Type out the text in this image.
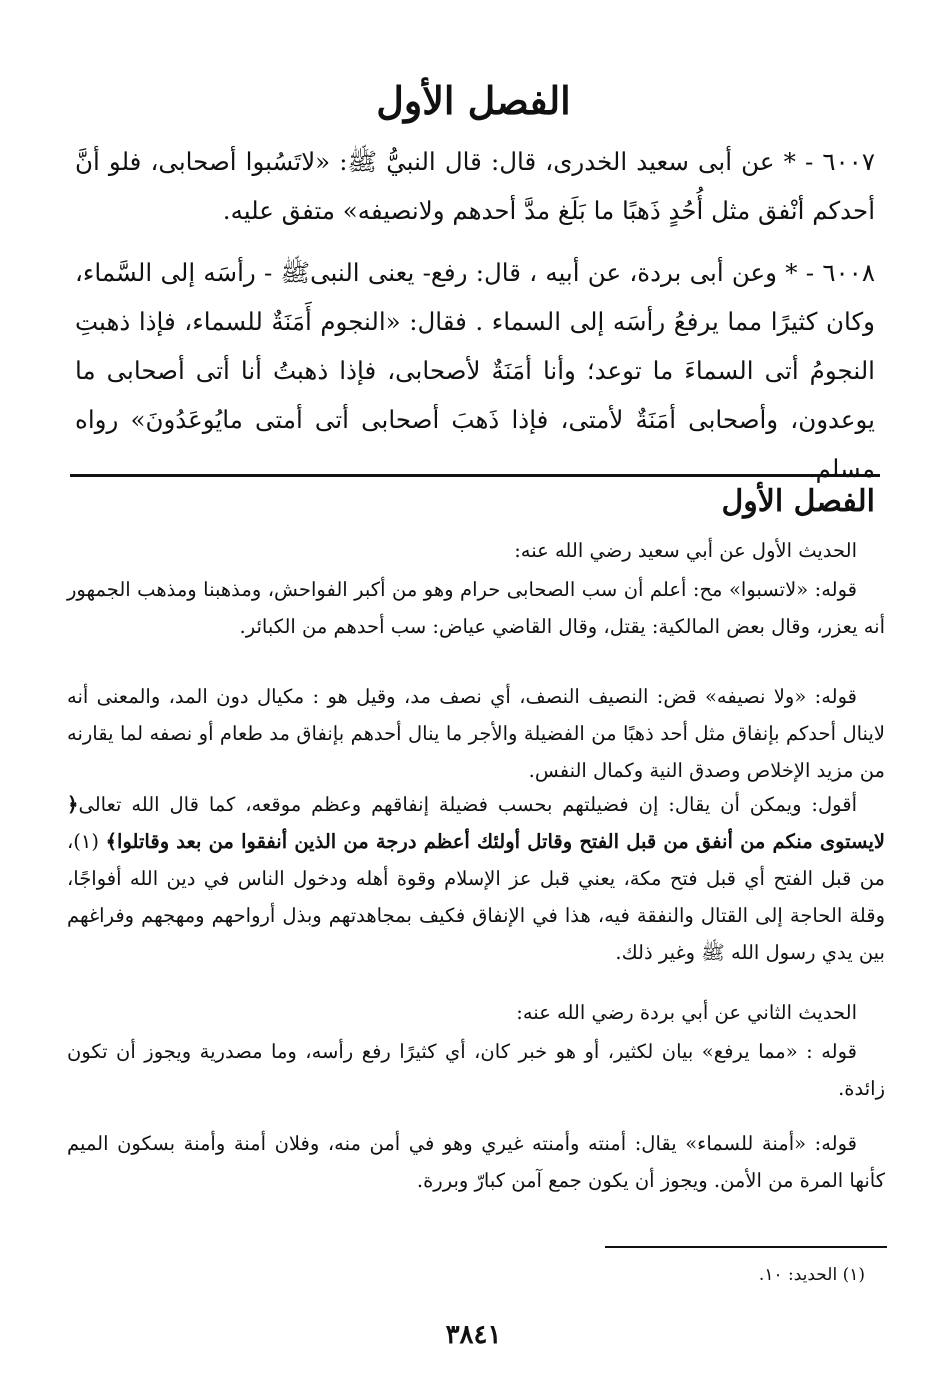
الفصل الأول
٦٠٠٧ - * عن أبى سعيد الخدرى، قال: قال النبيُّ ﷺ: «لاتَسُبوا أصحابى، فلو أنَّ أحدكم أنْفق مثل أُحُدٍ ذَهبًا ما بَلَغ مدَّ أحدهم ولانصيفه» متفق عليه.
٦٠٠٨ - * وعن أبى بردة، عن أبيه ، قال: رفع- يعنى النبىﷺ - رأسَه إلى السَّماء، وكان كثيرًا مما يرفعُ رأسَه إلى السماء . فقال: «النجوم أَمَنَةٌ للسماء، فإذا ذهبتِ النجومُ أتى السماءَ ما توعد؛ وأنا أمَنَةٌ لأصحابى، فإذا ذهبتُ أنا أتى أصحابى ما يوعدون، وأصحابى أمَنَةٌ لأمتى، فإذا ذَهبَ أصحابى أتى أمتى مايُوعَدُونَ» رواه مسلم.
الفصل الأول
الحديث الأول عن أبي سعيد رضي الله عنه:
قوله: «لاتسبوا» مح: أعلم أن سب الصحابى حرام وهو من أكبر الفواحش، ومذهبنا ومذهب الجمهور أنه يعزر، وقال بعض المالكية: يقتل، وقال القاضي عياض: سب أحدهم من الكبائر.
قوله: «ولا نصيفه» قض: النصيف النصف، أي نصف مد، وقيل هو : مكيال دون المد، والمعنى أنه لاينال أحدكم بإنفاق مثل أحد ذهبًا من الفضيلة والأجر ما ينال أحدهم بإنفاق مد طعام أو نصفه لما يقارنه من مزيد الإخلاص وصدق النية وكمال النفس.
أقول: ويمكن أن يقال: إن فضيلتهم بحسب فضيلة إنفاقهم وعظم موقعه، كما قال الله تعالى﴿ لايستوى منكم من أنفق من قبل الفتح وقاتل أولئك أعظم درجة من الذين أنفقوا من بعد وقاتلوا﴾ (١)، من قبل الفتح أي قبل فتح مكة، يعني قبل عز الإسلام وقوة أهله ودخول الناس في دين الله أفواجًا، وقلة الحاجة إلى القتال والنفقة فيه، هذا في الإنفاق فكيف بمجاهدتهم وبذل أرواحهم ومهجهم وفراغهم بين يدي رسول الله ﷺ وغير ذلك.
الحديث الثاني عن أبي بردة رضي الله عنه:
قوله : «مما يرفع» بيان لكثير، أو هو خبر كان، أي كثيرًا رفع رأسه، وما مصدرية ويجوز أن تكون زائدة.
قوله: «أمنة للسماء» يقال: أمنته وأمنته غيري وهو في أمن منه، وفلان أمنة وأمنة بسكون الميم كأنها المرة من الأمن. ويجوز أن يكون جمع آمن كبارّ وبررة.
(١) الحديد: ١٠.
٣٨٤١
